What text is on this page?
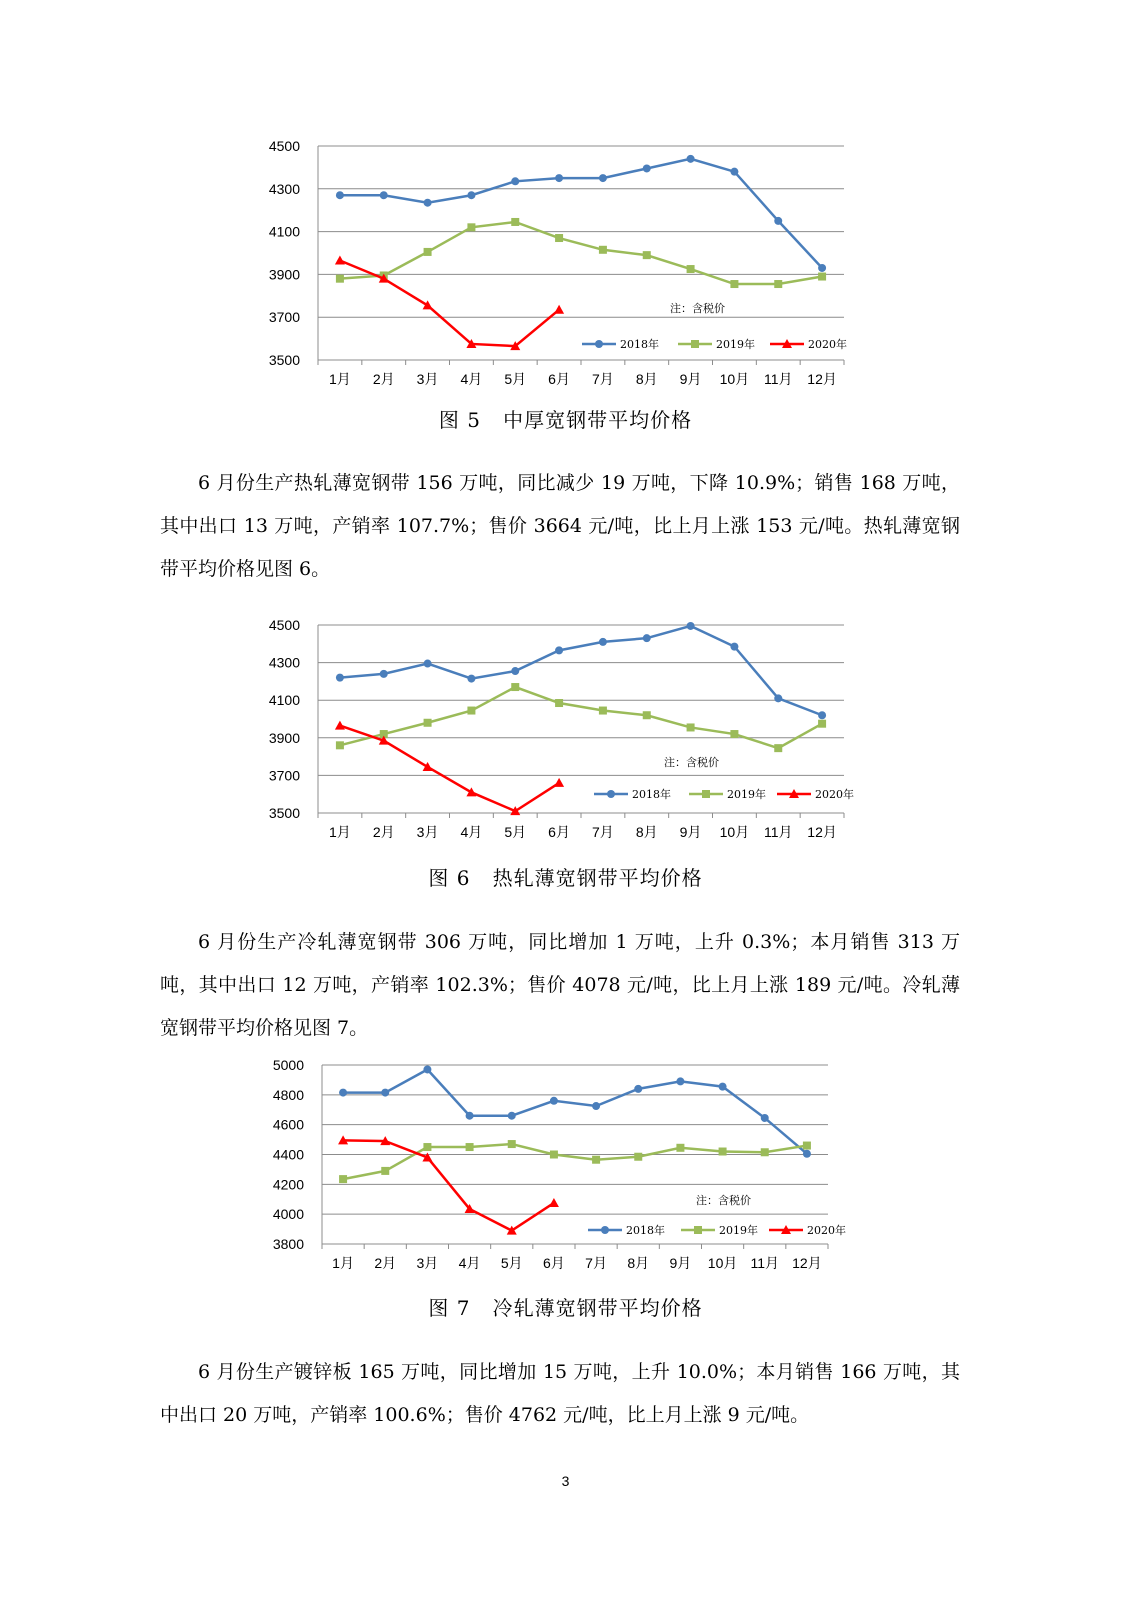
3500
3700
3900
4100
4300
4500
1月 2月 3月 4月 5月 6月 7月 8月 9月 10月 11月 12月
注：含税价
2018年	2019年	2020年
图 5   中厚宽钢带平均价格

6 月份生产热轧薄宽钢带 156 万吨，同比减少 19 万吨，下降 10.9%；销售 168 万吨，其中出口 13 万吨，产销率 107.7%；售价 3664 元/吨，比上月上涨 153 元/吨。热轧薄宽钢带平均价格见图 6。

3500
3700
3900
4100
4300
4500
1月 2月 3月 4月 5月 6月 7月 8月 9月 10月 11月 12月
注：含税价
2018年	2019年	2020年
图 6   热轧薄宽钢带平均价格

6 月份生产冷轧薄宽钢带 306 万吨，同比增加 1 万吨，上升 0.3%；本月销售 313 万吨，其中出口 12 万吨，产销率 102.3%；售价 4078 元/吨，比上月上涨 189 元/吨。冷轧薄宽钢带平均价格见图 7。

3800
4000
4200
4400
4600
4800
5000
1月 2月 3月 4月 5月 6月 7月 8月 9月 10月 11月 12月
注：含税价
2018年	2019年	2020年
图 7   冷轧薄宽钢带平均价格

6 月份生产镀锌板 165 万吨，同比增加 15 万吨，上升 10.0%；本月销售 166 万吨，其中出口 20 万吨，产销率 100.6%；售价 4762 元/吨，比上月上涨 9 元/吨。

3
